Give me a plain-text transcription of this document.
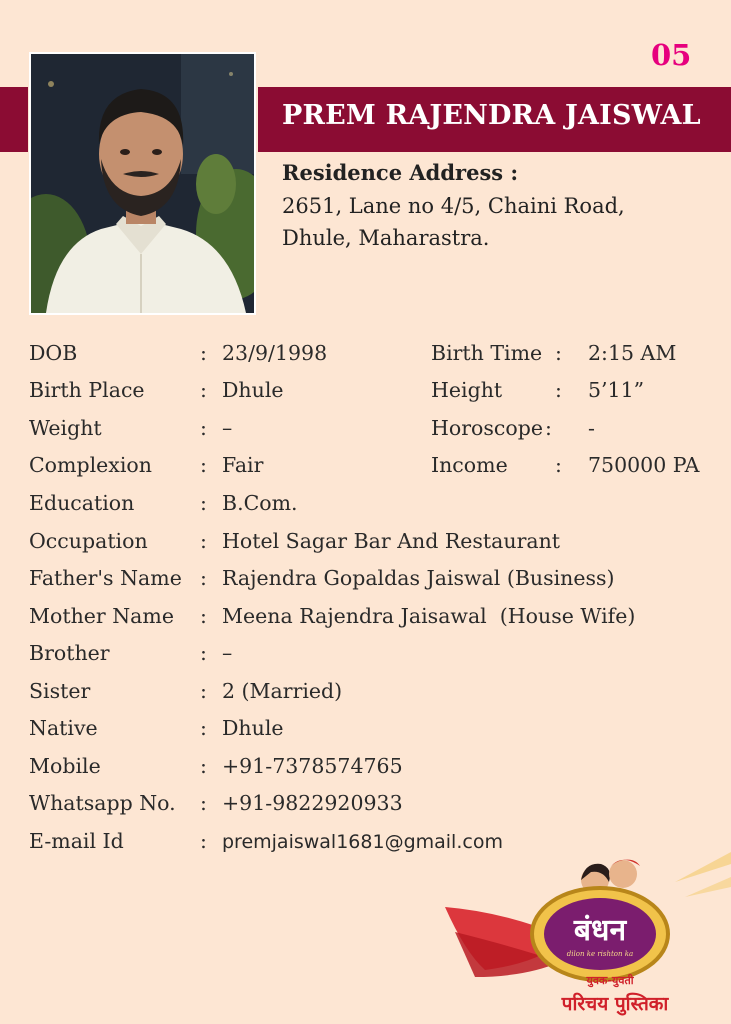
05
PREM RAJENDRA JAISWAL
Residence Address :
2651, Lane no 4/5, Chaini Road,
Dhule, Maharastra.
DOB	: 23/9/1998	Birth Time : 2:15 AM
Birth Place	: Dhule	Height	: 5’11”
Weight	: –	Horoscope : -
Complexion : Fair	Income : 750000 PA
Education	: B.Com.
Occupation	: Hotel Sagar Bar And Restaurant
Father's Name : Rajendra Gopaldas Jaiswal (Business)
Mother Name : Meena Rajendra Jaisawal  (House Wife)
Brother	: –
Sister	: 2 (Married)
Native	: Dhule
Mobile	: +91-7378574765
Whatsapp No. : +91-9822920933
E-mail Id	: premjaiswal1681@gmail.com
बंधन
dilon ke rishton ka
युवक-युवती
परिचय पुस्तिका
